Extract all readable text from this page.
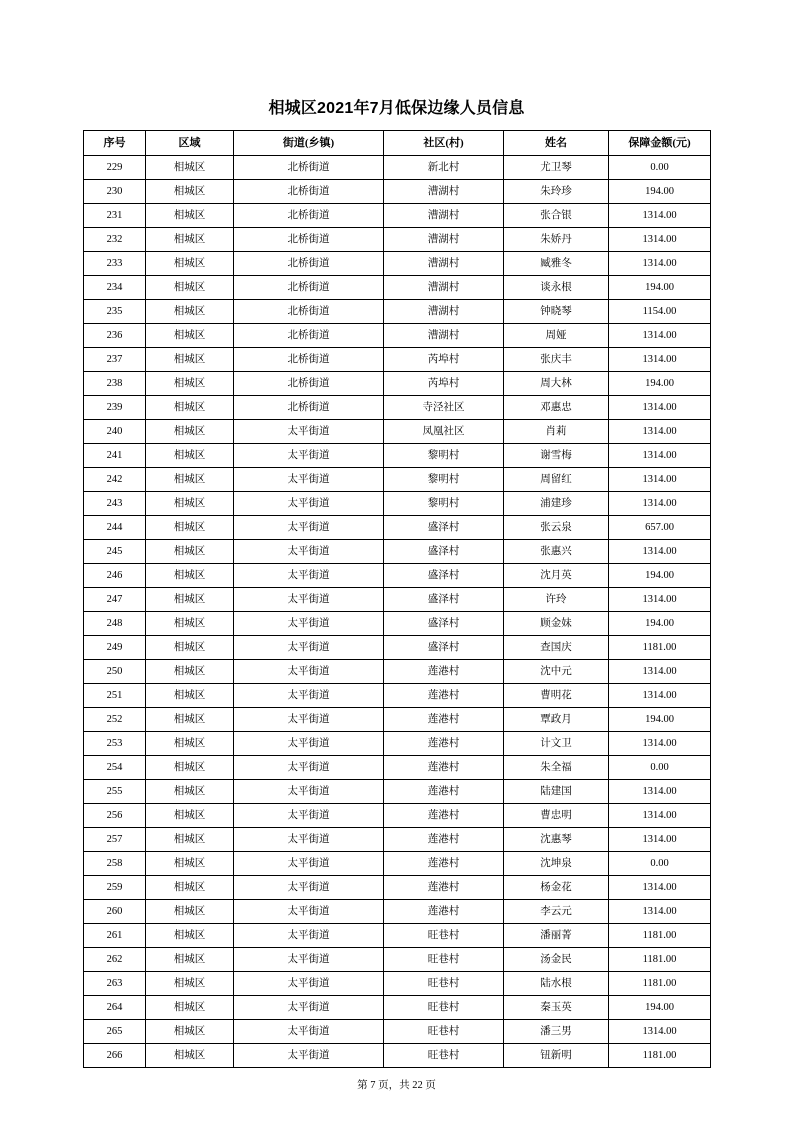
相城区2021年7月低保边缘人员信息
序号	区域	街道(乡镇)	社区(村)	姓名	保障金额(元)
229	相城区	北桥街道	新北村	尤卫琴	0.00
230	相城区	北桥街道	漕湖村	朱玲珍	194.00
231	相城区	北桥街道	漕湖村	张合银	1314.00
232	相城区	北桥街道	漕湖村	朱娇丹	1314.00
233	相城区	北桥街道	漕湖村	臧雅冬	1314.00
234	相城区	北桥街道	漕湖村	谈永根	194.00
235	相城区	北桥街道	漕湖村	钟晓琴	1154.00
236	相城区	北桥街道	漕湖村	周娅	1314.00
237	相城区	北桥街道	芮埠村	张庆丰	1314.00
238	相城区	北桥街道	芮埠村	周大林	194.00
239	相城区	北桥街道	寺泾社区	邓惠忠	1314.00
240	相城区	太平街道	凤凰社区	肖莉	1314.00
241	相城区	太平街道	黎明村	谢雪梅	1314.00
242	相城区	太平街道	黎明村	周留红	1314.00
243	相城区	太平街道	黎明村	浦建珍	1314.00
244	相城区	太平街道	盛泽村	张云泉	657.00
245	相城区	太平街道	盛泽村	张惠兴	1314.00
246	相城区	太平街道	盛泽村	沈月英	194.00
247	相城区	太平街道	盛泽村	许玲	1314.00
248	相城区	太平街道	盛泽村	顾金妹	194.00
249	相城区	太平街道	盛泽村	查国庆	1181.00
250	相城区	太平街道	莲港村	沈中元	1314.00
251	相城区	太平街道	莲港村	曹明花	1314.00
252	相城区	太平街道	莲港村	覃政月	194.00
253	相城区	太平街道	莲港村	计文卫	1314.00
254	相城区	太平街道	莲港村	朱全福	0.00
255	相城区	太平街道	莲港村	陆建国	1314.00
256	相城区	太平街道	莲港村	曹忠明	1314.00
257	相城区	太平街道	莲港村	沈惠琴	1314.00
258	相城区	太平街道	莲港村	沈坤泉	0.00
259	相城区	太平街道	莲港村	杨金花	1314.00
260	相城区	太平街道	莲港村	李云元	1314.00
261	相城区	太平街道	旺巷村	潘丽菁	1181.00
262	相城区	太平街道	旺巷村	汤金民	1181.00
263	相城区	太平街道	旺巷村	陆水根	1181.00
264	相城区	太平街道	旺巷村	秦玉英	194.00
265	相城区	太平街道	旺巷村	潘三男	1314.00
266	相城区	太平街道	旺巷村	钮新明	1181.00
第 7 页，共 22 页
